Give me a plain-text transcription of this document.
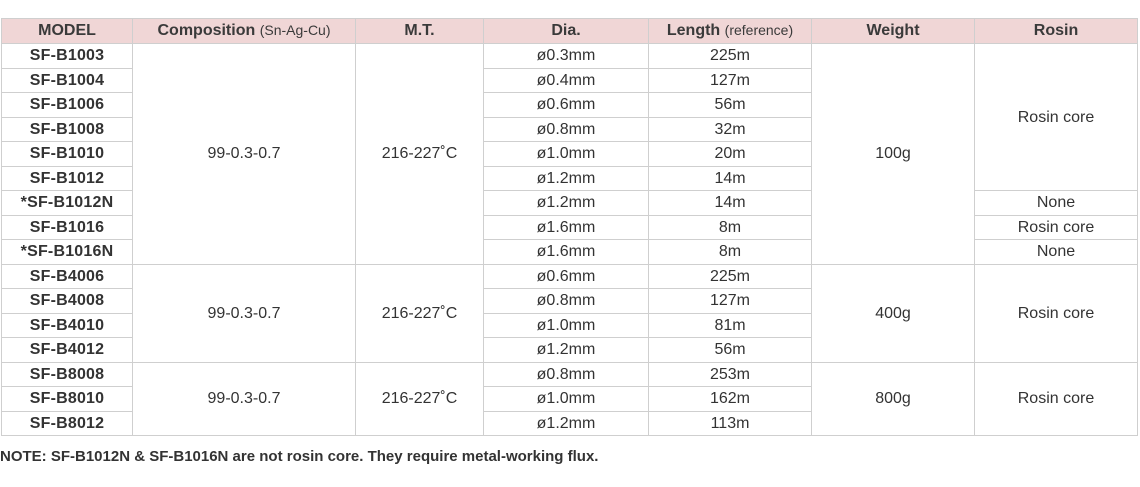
MODEL	Composition (Sn-Ag-Cu)	M.T.	Dia.	Length (reference)	Weight	Rosin
SF-B1003	99-0.3-0.7	216-227˚C	ø0.3mm	225m	100g	Rosin core
SF-B1004			ø0.4mm	127m		
SF-B1006			ø0.6mm	56m		
SF-B1008			ø0.8mm	32m		
SF-B1010			ø1.0mm	20m		
SF-B1012			ø1.2mm	14m		
*SF-B1012N			ø1.2mm	14m		None
SF-B1016			ø1.6mm	8m		Rosin core
*SF-B1016N			ø1.6mm	8m		None
SF-B4006	99-0.3-0.7	216-227˚C	ø0.6mm	225m	400g	Rosin core
SF-B4008			ø0.8mm	127m		
SF-B4010			ø1.0mm	81m		
SF-B4012			ø1.2mm	56m		
SF-B8008	99-0.3-0.7	216-227˚C	ø0.8mm	253m	800g	Rosin core
SF-B8010			ø1.0mm	162m		
SF-B8012			ø1.2mm	113m		
NOTE: SF-B1012N & SF-B1016N are not rosin core. They require metal-working flux.
